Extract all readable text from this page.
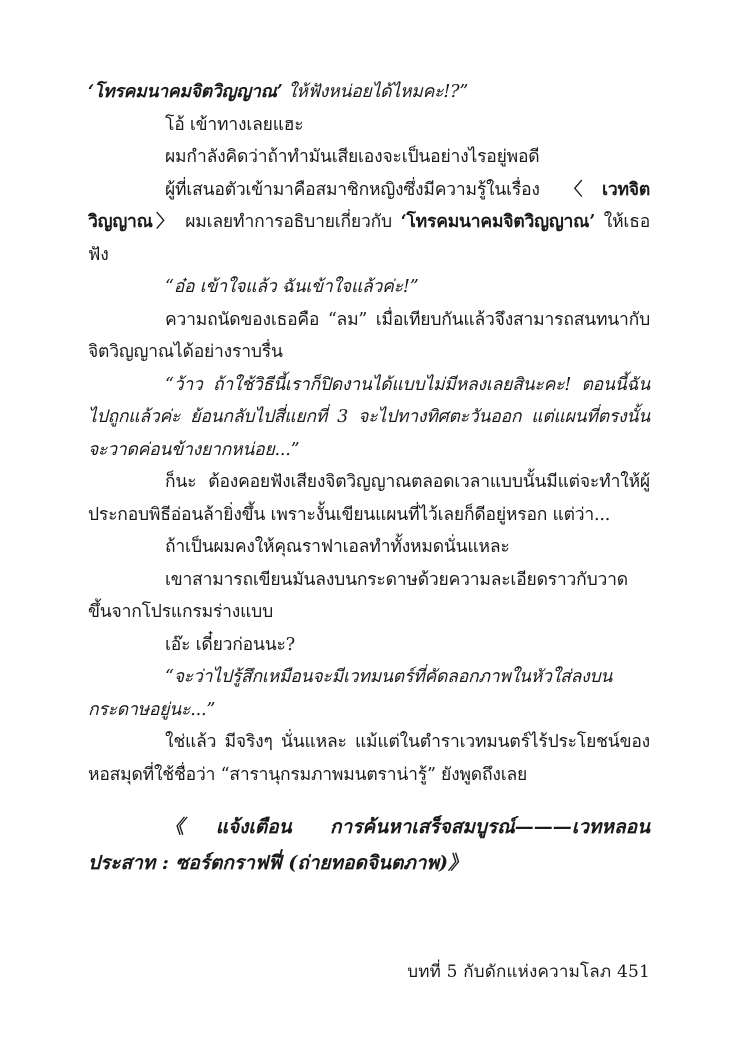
‘โทรคมนาคมจิตวิญญาณ’ ให้ฟังหน่อยได้ไหมคะ!?”

โอ้ เข้าทางเลยแฮะ

ผมกำลังคิดว่าถ้าทำมันเสียเองจะเป็นอย่างไรอยู่พอดี

ผู้ที่เสนอตัวเข้ามาคือสมาชิกหญิงซึ่งมีความรู้ในเรื่อง 〈เวทจิตวิญญาณ〉 ผมเลยทำการอธิบายเกี่ยวกับ ‘โทรคมนาคมจิตวิญญาณ’ ให้เธอฟัง

“อ๋อ เข้าใจแล้ว ฉันเข้าใจแล้วค่ะ!”

ความถนัดของเธอคือ “ลม” เมื่อเทียบกันแล้วจึงสามารถสนทนากับจิตวิญญาณได้อย่างราบรื่น

“ว้าว ถ้าใช้วิธีนี้เราก็ปิดงานได้แบบไม่มีหลงเลยสินะคะ! ตอนนี้ฉันไปถูกแล้วค่ะ ย้อนกลับไปสี่แยกที่ 3 จะไปทางทิศตะวันออก แต่แผนที่ตรงนั้นจะวาดค่อนข้างยากหน่อย...”

ก็นะ ต้องคอยฟังเสียงจิตวิญญาณตลอดเวลาแบบนั้นมีแต่จะทำให้ผู้ประกอบพิธีอ่อนล้ายิ่งขึ้น เพราะงั้นเขียนแผนที่ไว้เลยก็ดีอยู่หรอก แต่ว่า...

ถ้าเป็นผมคงให้คุณราฟาเอลทำทั้งหมดนั่นแหละ

เขาสามารถเขียนมันลงบนกระดาษด้วยความละเอียดราวกับวาดขึ้นจากโปรแกรมร่างแบบ

เอ๊ะ เดี๋ยวก่อนนะ?

“จะว่าไปรู้สึกเหมือนจะมีเวทมนตร์ที่คัดลอกภาพในหัวใส่ลงบนกระดาษอยู่นะ...”

ใช่แล้ว มีจริงๆ นั่นแหละ แม้แต่ในตำราเวทมนตร์ไร้ประโยชน์ของหอสมุดที่ใช้ชื่อว่า “สารานุกรมภาพมนตราน่ารู้” ยังพูดถึงเลย

《แจ้งเตือน การค้นหาเสร็จสมบูรณ์———เวทหลอนประสาท : ซอร์ตกราฟฟี่ (ถ่ายทอดจินตภาพ)》

บทที่ 5 กับดักแห่งความโลภ 451
